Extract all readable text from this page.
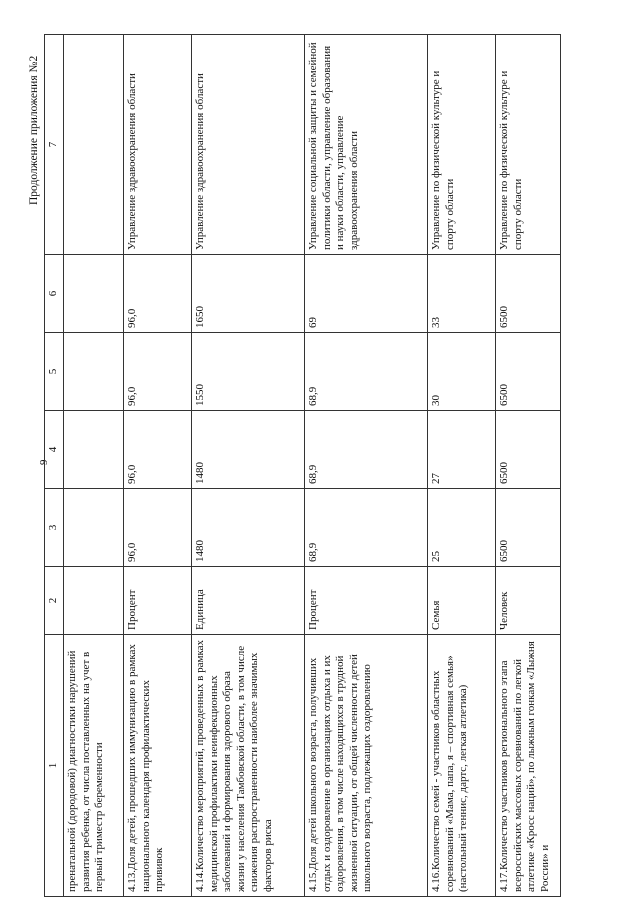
9
Продолжение приложения №2
1	2	3	4	5	6	7
пренатальной (дородовой) диагностики нарушений развития ребенка, от числа поставленных на учет в первый триместр беременности						
4.13.Доля детей, прошедших иммунизацию в рамках национального календаря профилактических прививок	Процент	96,0	96,0	96,0	96,0	Управление здравоохранения области
4.14.Количество мероприятий, проведенных в рамках медицинской профилактики неинфекционных заболеваний и формирования здорового образа жизни у населения Тамбовской области, в том числе снижения распространенности наиболее значимых факторов риска	Единица	1480	1480	1550	1650	Управление здравоохранения области
4.15.Доля детей школьного возраста, получивших отдых и оздоровление в организациях отдыха и их оздоровления, в том числе находящихся в трудной жизненной ситуации, от общей численности детей школьного возраста, подлежащих оздоровлению	Процент	68,9	68,9	68,9	69	Управление социальной защиты и семейной политики области, управление образования и науки области, управление здравоохранения области
4.16.Количество семей - участников областных соревнований «Мама, папа, я – спортивная семья» (настольный теннис, дартс, легкая атлетика)	Семья	25	27	30	33	Управление по физической культуре и спорту области
4.17.Количество участников регионального этапа всероссийских массовых соревнований по легкой атлетике «Кросс наций», по лыжным гонкам «Лыжня России» и	Человек	6500	6500	6500	6500	Управление по физической культуре и спорту области
